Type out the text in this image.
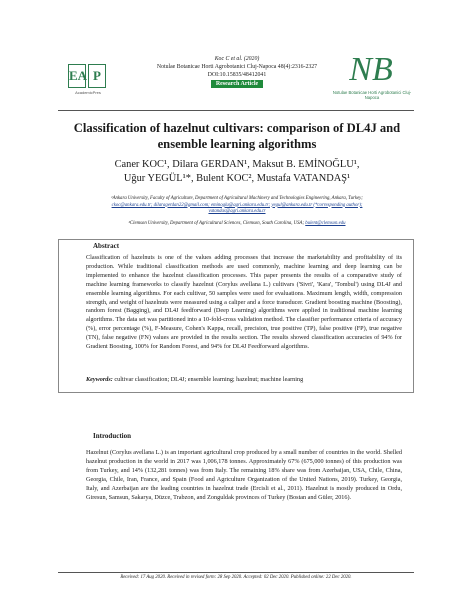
EA P
AcademicPres
Koc C et al. (2020)
Notulae Botanicae Horti Agrobotanici Cluj-Napoca 48(4):2316-2327
DOI:10.15835/48412041
Research Article	NB
Notulae Botanicae Horti Agrobotanici Cluj-Napoca
Classification of hazelnut cultivars: comparison of DL4J and ensemble learning algorithms
Caner KOC¹, Dilara GERDAN¹, Maksut B. EMİNOĞLU¹,
Uğur YEGÜL¹*, Bulent KOC², Mustafa VATANDAŞ¹
¹Ankara University, Faculty of Agriculture, Department of Agricultural Machinery and Technologies Engineering, Ankara, Turkey;
ckoc@ankara.edu.tr; dilaragerdan22@gmail.com; eminoglu@agri.ankara.edu.tr; yegul@ankara.edu.tr (*corresponding author);
vatandas@agri.ankara.edu.tr
²Clemson University, Department of Agricultural Sciences, Clemson, South Carolina, USA; bulent@clemson.edu
Abstract
Classification of hazelnuts is one of the values adding processes that increase the marketability and profitability of its production. While traditional classification methods are used commonly, machine learning and deep learning can be implemented to enhance the hazelnut classification processes. This paper presents the results of a comparative study of machine learning frameworks to classify hazelnut (Corylus avellana L.) cultivars ('Sivri', 'Kara', 'Tombul') using DL4J and ensemble learning algorithms. For each cultivar, 50 samples were used for evaluations. Maximum length, width, compression strength, and weight of hazelnuts were measured using a caliper and a force transducer. Gradient boosting machine (Boosting), random forest (Bagging), and DL4J feedforward (Deep Learning) algorithms were applied in traditional machine learning algorithms. The data set was partitioned into a 10-fold-cross validation method. The classifier performance criteria of accuracy (%), error percentage (%), F-Measure, Cohen's Kappa, recall, precision, true positive (TP), false positive (FP), true negative (TN), false negative (FN) values are provided in the results section. The results showed classification accuracies of 94% for Gradient Boosting, 100% for Random Forest, and 94% for DL4J Feedforward algorithms.
Keywords: cultivar classification; DL4J; ensemble learning; hazelnut; machine learning
Introduction
Hazelnut (Corylus avellana L.) is an important agricultural crop produced by a small number of countries in the world. Shelled hazelnut production in the world in 2017 was 1,006,178 tonnes. Approximately 67% (675,000 tonnes) of this production was from Turkey, and 14% (132,281 tonnes) was from Italy. The remaining 18% share was from Azerbaijan, USA, Chile, China, Georgia, Chile, Iran, France, and Spain (Food and Agriculture Organization of the United Nations, 2019). Turkey, Georgia, Italy, and Azerbaijan are the leading countries in hazelnut trade (Ercisli et al., 2011). Hazelnut is mostly produced in Ordu, Giresun, Samsun, Sakarya, Düzce, Trabzon, and Zonguldak provinces of Turkey (Bostan and Güler, 2016).
Received: 17 Aug 2020. Received in revised form: 28 Sep 2020. Accepted: 02 Dec 2020. Published online: 22 Dec 2020.
